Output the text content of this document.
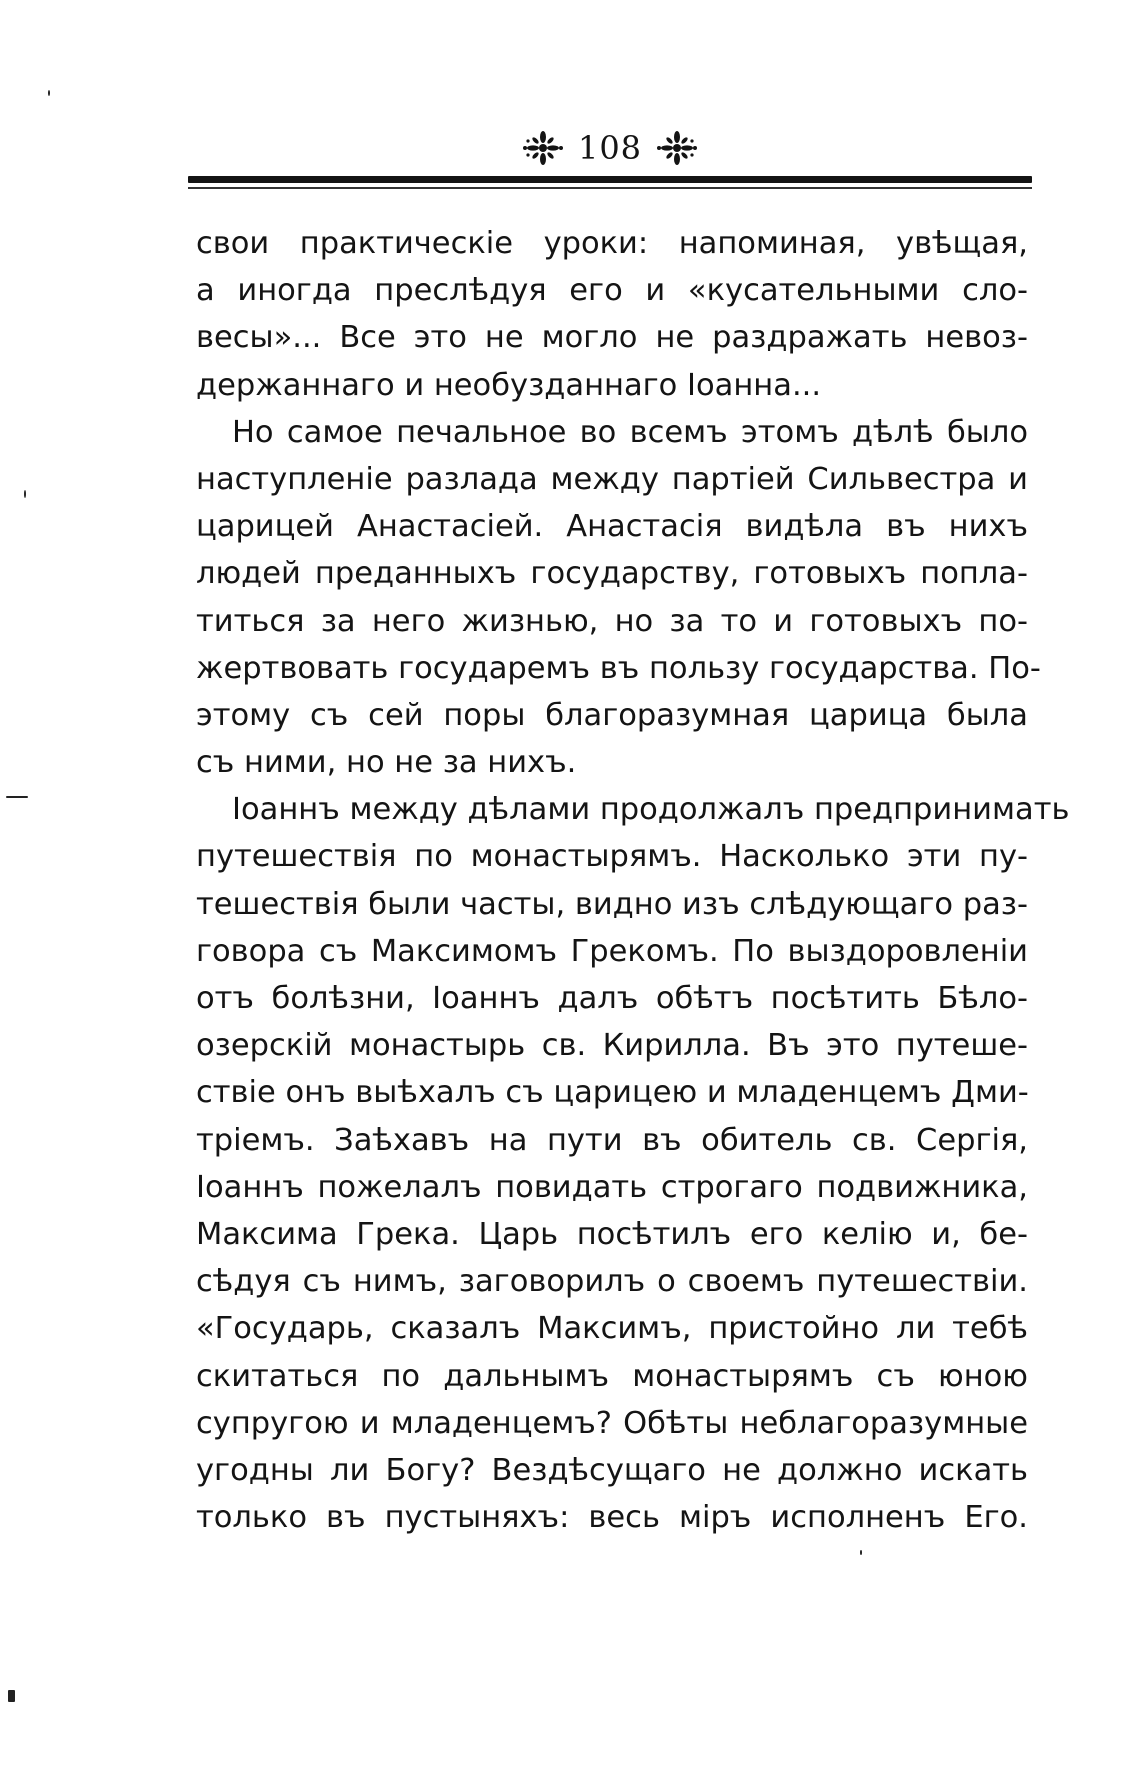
108
свои практическіе уроки: напоминая, увѣщая,
а иногда преслѣдуя его и «кусательными сло-
весы»... Все это не могло не раздражать невоз-
держаннаго и необузданнаго Іоанна...
Но самое печальное во всемъ этомъ дѣлѣ было
наступленіе разлада между партіей Сильвестра и
царицей Анастасіей. Анастасія видѣла въ нихъ
людей преданныхъ государству, готовыхъ попла-
титься за него жизнью, но за то и готовыхъ по-
жертвовать государемъ въ пользу государства. По-
этому съ сей поры благоразумная царица была
съ ними, но не за нихъ.
Іоаннъ между дѣлами продолжалъ предпринимать
путешествія по монастырямъ. Насколько эти пу-
тешествія были часты, видно изъ слѣдующаго раз-
говора съ Максимомъ Грекомъ. По выздоровленіи
отъ болѣзни, Іоаннъ далъ обѣтъ посѣтить Бѣло-
озерскій монастырь св. Кирилла. Въ это путеше-
ствіе онъ выѣхалъ съ царицею и младенцемъ Дми-
тріемъ. Заѣхавъ на пути въ обитель св. Сергія,
Іоаннъ пожелалъ повидать строгаго подвижника,
Максима Грека. Царь посѣтилъ его келію и, бе-
сѣдуя съ нимъ, заговорилъ о своемъ путешествіи.
«Государь, сказалъ Максимъ, пристойно ли тебѣ
скитаться по дальнымъ монастырямъ съ юною
супругою и младенцемъ? Обѣты неблагоразумные
угодны ли Богу? Вездѣсущаго не должно искать
только въ пустыняхъ: весь міръ исполненъ Его.
